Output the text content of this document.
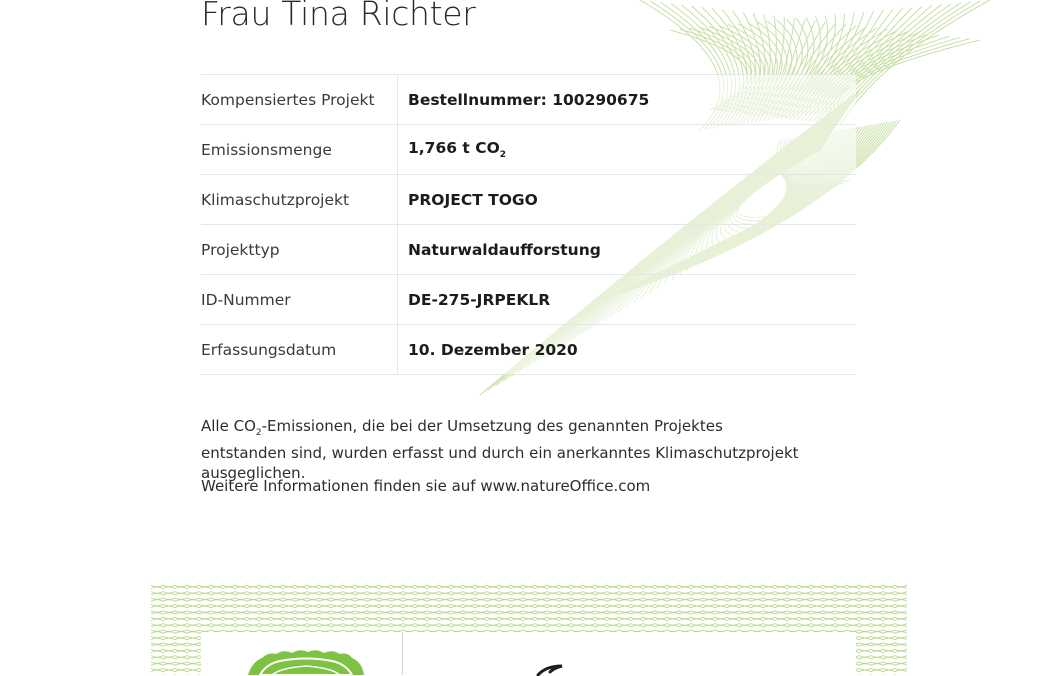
Frau Tina Richter
Kompensiertes Projekt	Bestellnummer: 100290675
Emissionsmenge	1,766 t $CO_2$
Klimaschutzprojekt	PROJECT TOGO
Projekttyp	Naturwaldaufforstung
ID-Nummer	DE-275-JRPEKLR
Erfassungsdatum	10. Dezember 2020

Alle $CO_2$-Emissionen, die bei der Umsetzung des genannten Projektes entstanden sind, wurden erfasst und durch ein anerkanntes Klimaschutzprojekt ausgeglichen.

Weitere Informationen finden sie auf www.natureOffice.com
